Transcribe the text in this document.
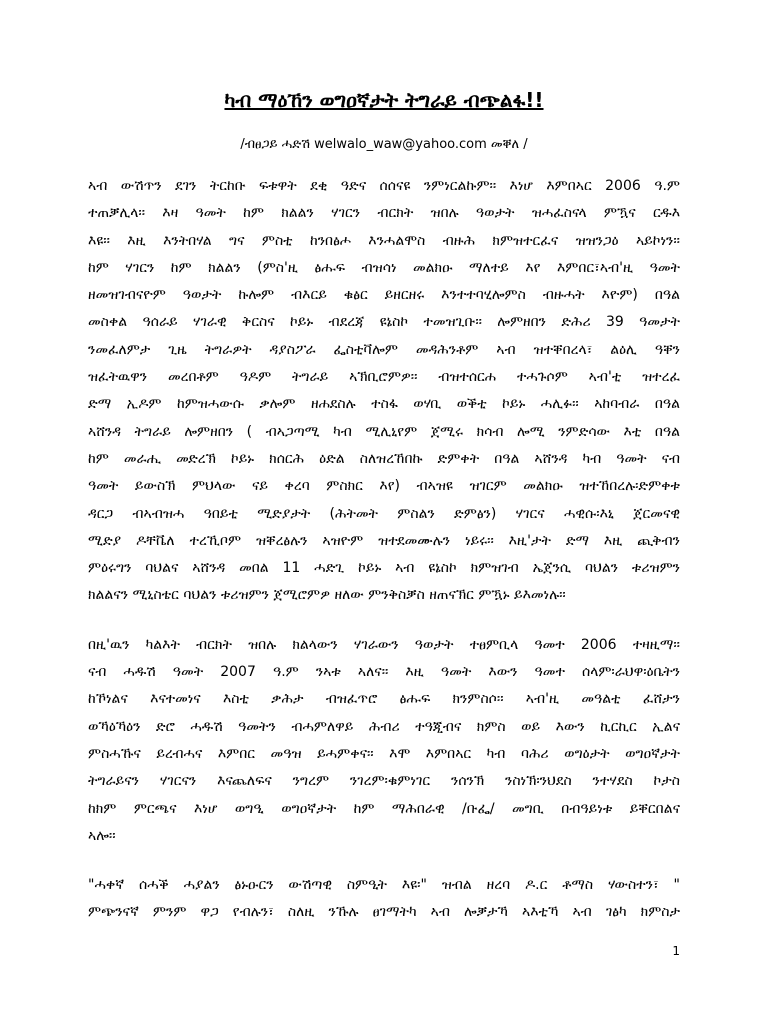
ካብ ማዕኸን ወግዐኛታት ትግራይ ብጭልፋ!!

/ብፀጋይ ሓድሽ welwalo_waw@yahoo.com መቐለ /

ኣብ ውሽጥን ደገን ትርከቡ ፍቱዋት ደቂ ዓድና ሰሰናዩ ንምነርልኩም፡፡ እነሆ እምበኣር 2006 ዓ.ም
ተጠቓሊላ፡፡ እዛ ዓመት ከም ክልልን ሃገርን ብርክት ዝበሉ ዓወታት ዝሓፈስናላ ምዃና ርዱእ
እዩ፡፡ እዚ እንትበሃል ግና ምስቲ ከንበፅሖ እንሓልሞስ ብዙሕ ክምዝተርፈና ዝዝንጋዕ ኣይኮነን፡፡
ከም ሃገርን ከም ክልልን (ምስ'ዚ ፅሑፍ ብዝሳነ መልክዑ ማለተይ እየ እምበር፣ኣብ'ዚ ዓመት
ዘመዝገብናዮም ዓወታት ኩሎም ብእርይ ቁፅር ይዘርዘሩ እንተተባሂሎምስ ብዙሓት እዮም) በዓል
መስቀል ዓሰራይ ሃገራዊ ቅርስና ኮይኑ ብደረጃ ዩኔስኮ ተመዝጊቡ፡፡ ሎምዘበን ድሕሪ 39 ዓመታት
ንመፈለምታ ጊዜ ትግራዎት ዳያስፖራ ፌስቲቫሎም መዳሕንቶም ኣብ ዝተቐበረላ፣ ልዕሊ ዓቐን
ዝፈትዉዋን መረበቶም ዓዶም ትግራይ ኣኽቢሮምዎ፡፡ ብዝተሰርሐ ተሓጉሶም ኣብ'ቲ ዝተረፈ
ድማ ኢዶም ከምዝሓውሱ ቃሎም ዘሐደስሉ ተስፋ ወሃቢ ወቕቲ ኮይኑ ሓሊፉ፡፡ ኣከባብራ በዓል
ኣሸንዳ ትግራይ ሎምዘበን ( ብኣጋጣሚ ካብ ሚሊኒየም ጀሚሩ ክሳብ ሎሚ ንምድሳው እቲ በዓል
ከም መራሒ መድረኽ ኮይኑ ክሰርሕ ዕድል ስለዝረኸበኩ ድምቀት በዓል ኣሸንዳ ካብ ዓመት ናብ
ዓመት ይውስኽ ምህላው ናይ ቀረባ ምስክር እየ) ብኣዝዩ ዝገርም መልክዑ ዝተኸበረሉ፡ድምቀቱ
ዳርጋ ብኣብዝሓ ዓበይቲ ሚድያታት (ሕትመት ምስልን ድምፅን) ሃገርና ሓዊሱ፡እኒ ጀርመናዊ
ሚድያ ዶቸቬለ ተረኺቦም ዝቐረፅሉን ኣዝዮም ዝተደመሙሉን ነይሩ፡፡ እዚ'ታት ድማ እዚ ጪቅብን
ምዕሩግን ባህልና ኣሸንዳ መበል 11 ሓድጊ ኮይኑ ኣብ ዩኔስኮ ክምዝገብ ኤጀንሲ ባህልን ቱሪዝምን
ክልልናን ሚኒስቴር ባህልን ቱሪዝምን ጀሚሮምዎ ዘለው ምንቅስቓስ ዘጠናኽር ምዃኑ ይእመነሉ፡፡
በዚ'ዉን ካልእት ብርክት ዝበሉ ክልላውን ሃገራውን ዓወታት ተፀምቢላ ዓመተ 2006 ተዛዚማ፡፡
ናብ ሓዱሽ ዓመት 2007 ዓ.ም ንኣቱ ኣለና፡፡ እዚ ዓመት እውን ዓመተ ሰላም፡ራህዋ፡ዕቤትን
ከኾነልና እናተመነና እስቲ ቃሕታ ብዝፈጥሮ ፅሑፍ ክንምስሶ፡፡ ኣብ'ዚ መዓልቲ ፈሸታን
ወኻዕኻዕን ድሮ ሓዱሽ ዓመትን ብሓምለዋይ ሕብሪ ተዓጂብና ክምስ ወይ እውን ኪርኪር ኢልና
ምስሓኹና ይረብሓና እምበር መዓዝ ይሓምቀና፡፡ እሞ እምበኣር ካብ ባሕሪ ወግዕታት ወግዐኛታት
ትግራይናን ሃገርናን እናጨለፍና ንግረም ንገረም፡ቁምነገር ንሰንኽ ንስነኽ፡ንህደስ ንተሃደስ ኮታስ
ከክም ምርጫና እነሆ ወግዒ ወግዐኛታት ከም ማሕበራዊ /ቡፌ/ መግቢ በብዓይነቱ ይቐርበልና
ኣሎ፡፡
"ሓቀኛ ሰሓቕ ሓያልን ፅኑዑርን ውሽጣዊ ስምዒት እዩ፡" ዝብል ዘረባ ዶ.ር ቶማስ ሃውስተን፣ "
ምጭንናኛ ምንም ዋጋ የብሉን፣ ስለዚ ንኹሉ ፀገማትካ ኣብ ሎቓታኻ ኣእቲኻ ኣብ ገፅካ ክምስታ
1
